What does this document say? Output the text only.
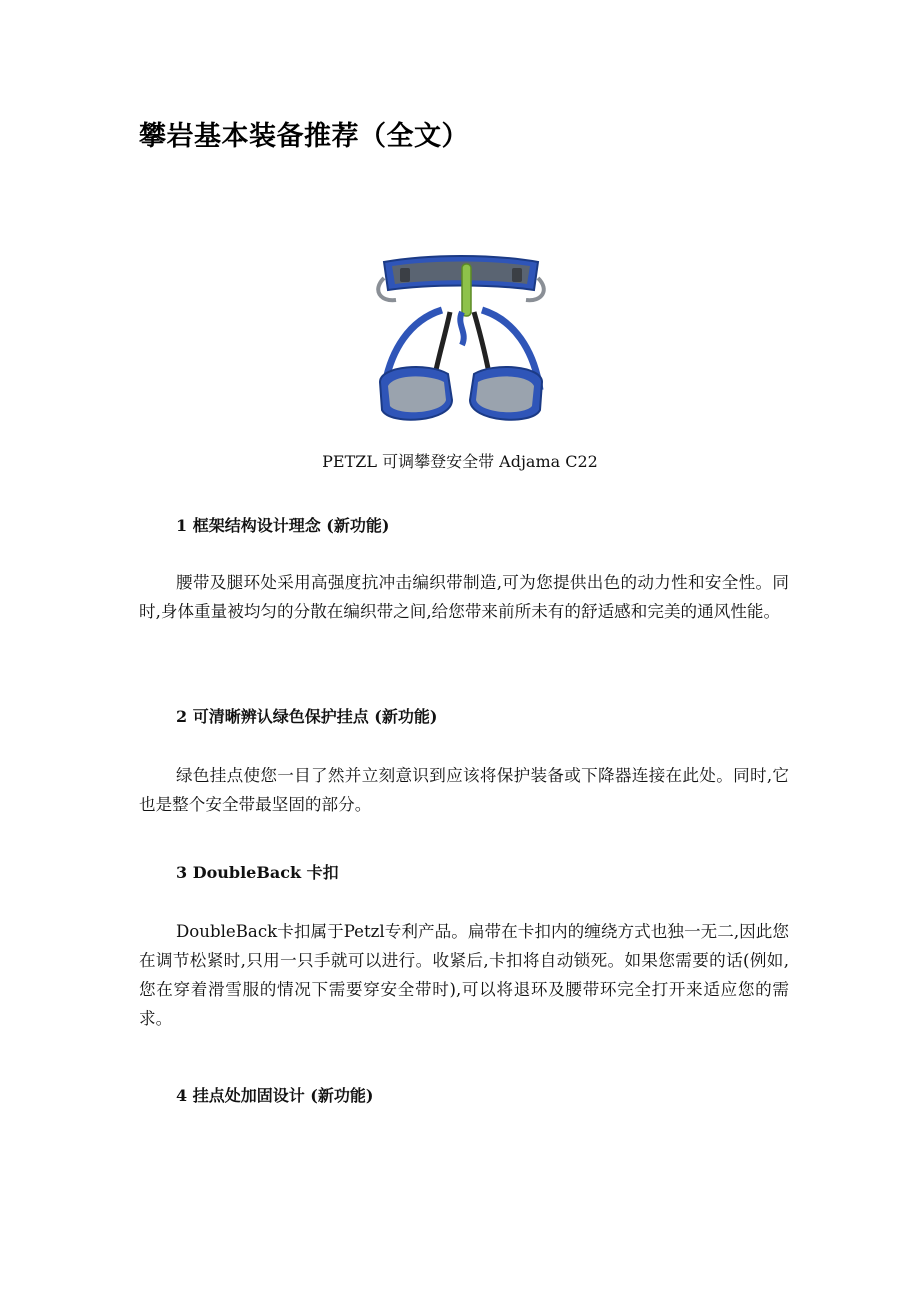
攀岩基本装备推荐（全文）
PETZL 可调攀登安全带 Adjama C22
1 框架结构设计理念 (新功能)

腰带及腿环处采用高强度抗冲击编织带制造,可为您提供出色的动力性和安全性。同时,身体重量被均匀的分散在编织带之间,给您带来前所未有的舒适感和完美的通风性能。

2 可清晰辨认绿色保护挂点 (新功能)

绿色挂点使您一目了然并立刻意识到应该将保护装备或下降器连接在此处。同时,它也是整个安全带最坚固的部分。

3 DoubleBack 卡扣

DoubleBack卡扣属于Petzl专利产品。扁带在卡扣内的缠绕方式也独一无二,因此您在调节松紧时,只用一只手就可以进行。收紧后,卡扣将自动锁死。如果您需要的话(例如,您在穿着滑雪服的情况下需要穿安全带时),可以将退环及腰带环完全打开来适应您的需求。

4 挂点处加固设计 (新功能)
